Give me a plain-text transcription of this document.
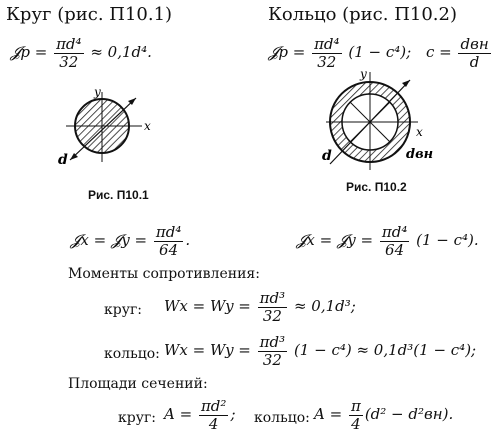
Круг (рис. П10.1)
𝓙p = $\frac{\text{πd⁴}}{32} \approx 0,1d^4$.
Кольцо (рис. П10.2)
𝓙p = $\frac{\text{πd⁴}}{32} (1 - c^4)$; $c = \frac{\text{dвн}}{d}$
x
y
d
Рис. П10.1
x
y
d	dвн
Рис. П10.2
𝓙x = 𝓙y = $\frac{\text{πd⁴}}{64}$ .	𝓙x = 𝓙y = $\frac{\text{πd⁴}}{64} (1 - c^4)$.
Моменты сопротивления:
круг: $Wx = Wy = \frac{\text{πd³}}{32} \approx 0,1d^3$;
кольцо: $Wx = Wy = \frac{\text{πd³}}{32} (1 - c^4) \approx 0,1d^3(1 - c^4)$;
Площади сечений:
круг: $A = \frac{\text{πd²}}{4}$ ; кольцо: $A = \frac{\pi}{4} (d^2 - d^2вн)$.
